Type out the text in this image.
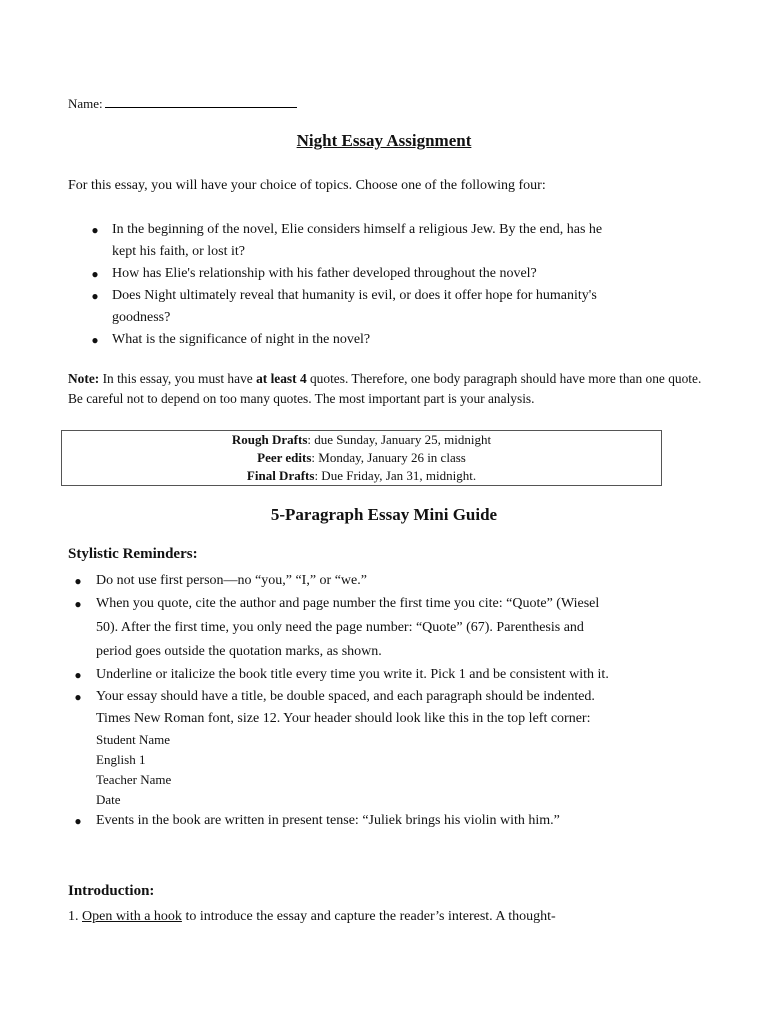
Name:
Night Essay Assignment
For this essay, you will have your choice of topics. Choose one of the following four:
● In the beginning of the novel, Elie considers himself a religious Jew. By the end, has he
kept his faith, or lost it?
● How has Elie's relationship with his father developed throughout the novel?
● Does Night ultimately reveal that humanity is evil, or does it offer hope for humanity's
goodness?
● What is the significance of night in the novel?
Note: In this essay, you must have at least 4 quotes. Therefore, one body paragraph should have more than one quote. Be careful not to depend on too many quotes. The most important part is your analysis.
Rough Drafts: due Sunday, January 25, midnight
Peer edits: Monday, January 26 in class
Final Drafts: Due Friday, Jan 31, midnight.
5-Paragraph Essay Mini Guide
Stylistic Reminders:
● Do not use first person—no “you,” “I,” or “we.”
● When you quote, cite the author and page number the first time you cite: “Quote” (Wiesel
50). After the first time, you only need the page number: “Quote” (67). Parenthesis and
period goes outside the quotation marks, as shown.
● Underline or italicize the book title every time you write it. Pick 1 and be consistent with it.
● Your essay should have a title, be double spaced, and each paragraph should be indented.
Times New Roman font, size 12. Your header should look like this in the top left corner:
Student Name
English 1
Teacher Name
Date
● Events in the book are written in present tense: “Juliek brings his violin with him.”
Introduction:
1. Open with a hook to introduce the essay and capture the reader’s interest. A thought-
